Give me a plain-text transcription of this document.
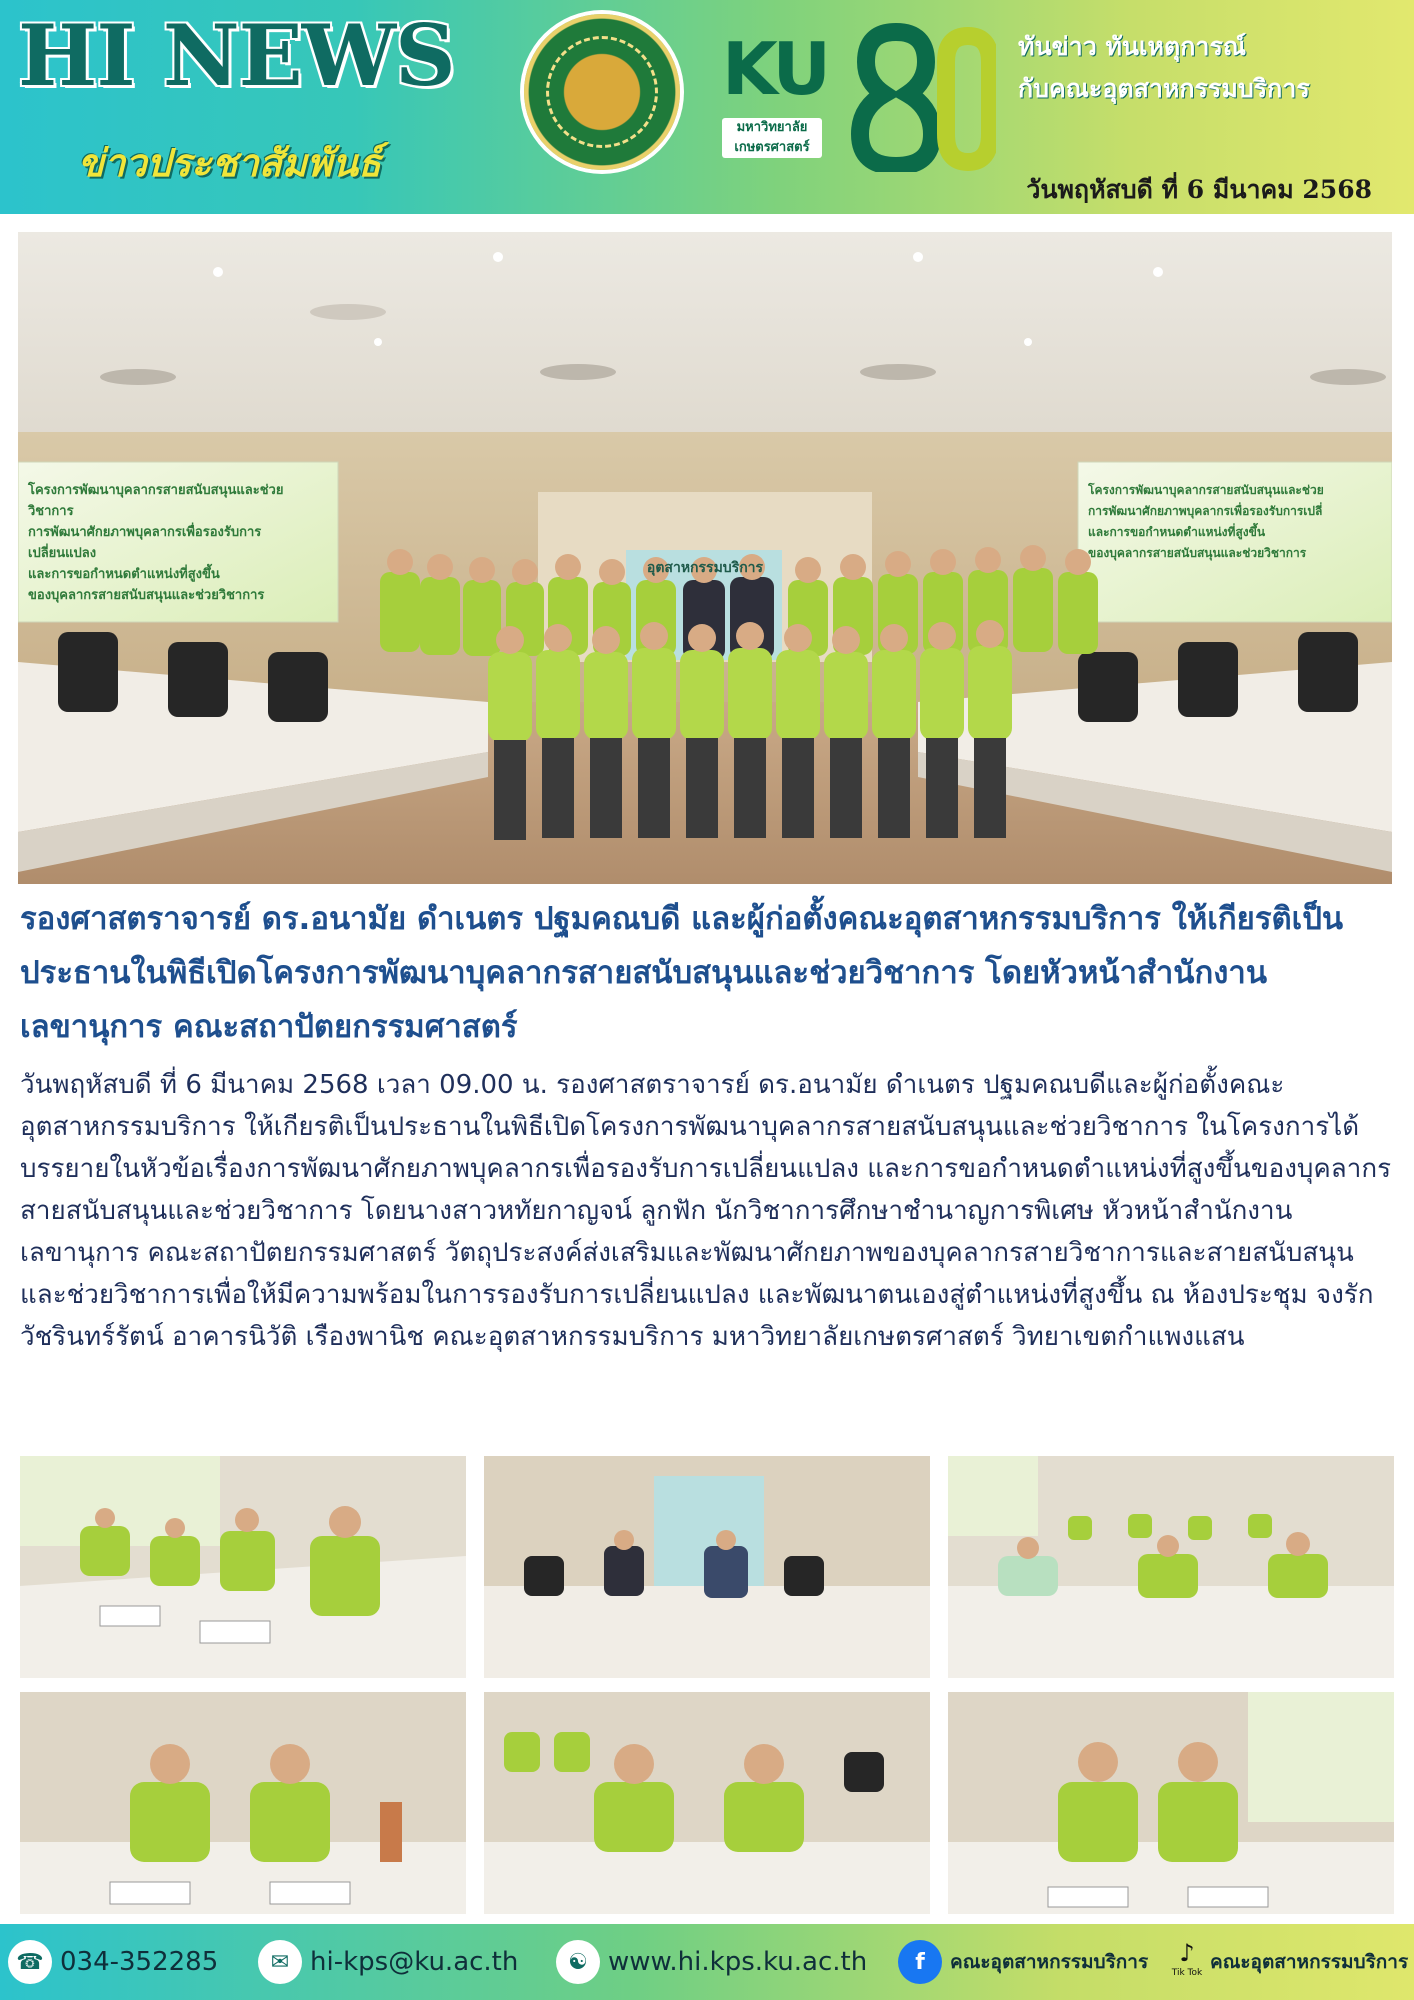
HI NEWS
ข่าวประชาสัมพันธ์
KU
มหาวิทยาลัย เกษตรศาสตร์
ทันข่าว ทันเหตุการณ์
กับคณะอุตสาหกรรมบริการ
วันพฤหัสบดี ที่ 6 มีนาคม 2568
โครงการพัฒนาบุคลากรสายสนับสนุนและช่วยวิชาการ
การพัฒนาศักยภาพบุคลากรเพื่อรองรับการเปลี่ยนแปลง
และการขอกำหนดตำแหน่งที่สูงขึ้น
ของบุคลากรสายสนับสนุนและช่วยวิชาการ
โครงการพัฒนาบุคลากรสายสนับสนุนและช่วย
การพัฒนาศักยภาพบุคลากรเพื่อรองรับการเปลี่
และการขอกำหนดตำแหน่งที่สูงขึ้น
ของบุคลากรสายสนับสนุนและช่วยวิชาการ
อุตสาหกรรมบริการ
รองศาสตราจารย์ ดร.อนามัย ดำเนตร ปฐมคณบดี และผู้ก่อตั้งคณะอุตสาหกรรมบริการ ให้เกียรติเป็นประธานในพิธีเปิดโครงการพัฒนาบุคลากรสายสนับสนุนและช่วยวิชาการ โดยหัวหน้าสำนักงานเลขานุการ คณะสถาปัตยกรรมศาสตร์
วันพฤหัสบดี ที่ 6 มีนาคม 2568 เวลา 09.00 น. รองศาสตราจารย์ ดร.อนามัย ดำเนตร ปฐมคณบดีและผู้ก่อตั้งคณะอุตสาหกรรมบริการ ให้เกียรติเป็นประธานในพิธีเปิดโครงการพัฒนาบุคลากรสายสนับสนุนและช่วยวิชาการ ในโครงการได้บรรยายในหัวข้อเรื่องการพัฒนาศักยภาพบุคลากรเพื่อรองรับการเปลี่ยนแปลง และการขอกำหนดตำแหน่งที่สูงขึ้นของบุคลากรสายสนับสนุนและช่วยวิชาการ โดยนางสาวหทัยกาญจน์ ลูกฟัก นักวิชาการศึกษาชำนาญการพิเศษ หัวหน้าสำนักงานเลขานุการ คณะสถาปัตยกรรมศาสตร์ วัตถุประสงค์ส่งเสริมและพัฒนาศักยภาพของบุคลากรสายวิชาการและสายสนับสนุนและช่วยวิชาการเพื่อให้มีความพร้อมในการรองรับการเปลี่ยนแปลง และพัฒนาตนเองสู่ตำแหน่งที่สูงขึ้น ณ ห้องประชุม จงรัก วัชรินทร์รัตน์ อาคารนิวัติ เรืองพานิช คณะอุตสาหกรรมบริการ มหาวิทยาลัยเกษตรศาสตร์ วิทยาเขตกำแพงแสน
☎ 034-352285	✉ hi-kps@ku.ac.th	☯ www.hi.kps.ku.ac.th	f	คณะอุตสาหกรรมบริการ ♪
Tik Tok คณะอุตสาหกรรมบริการ
